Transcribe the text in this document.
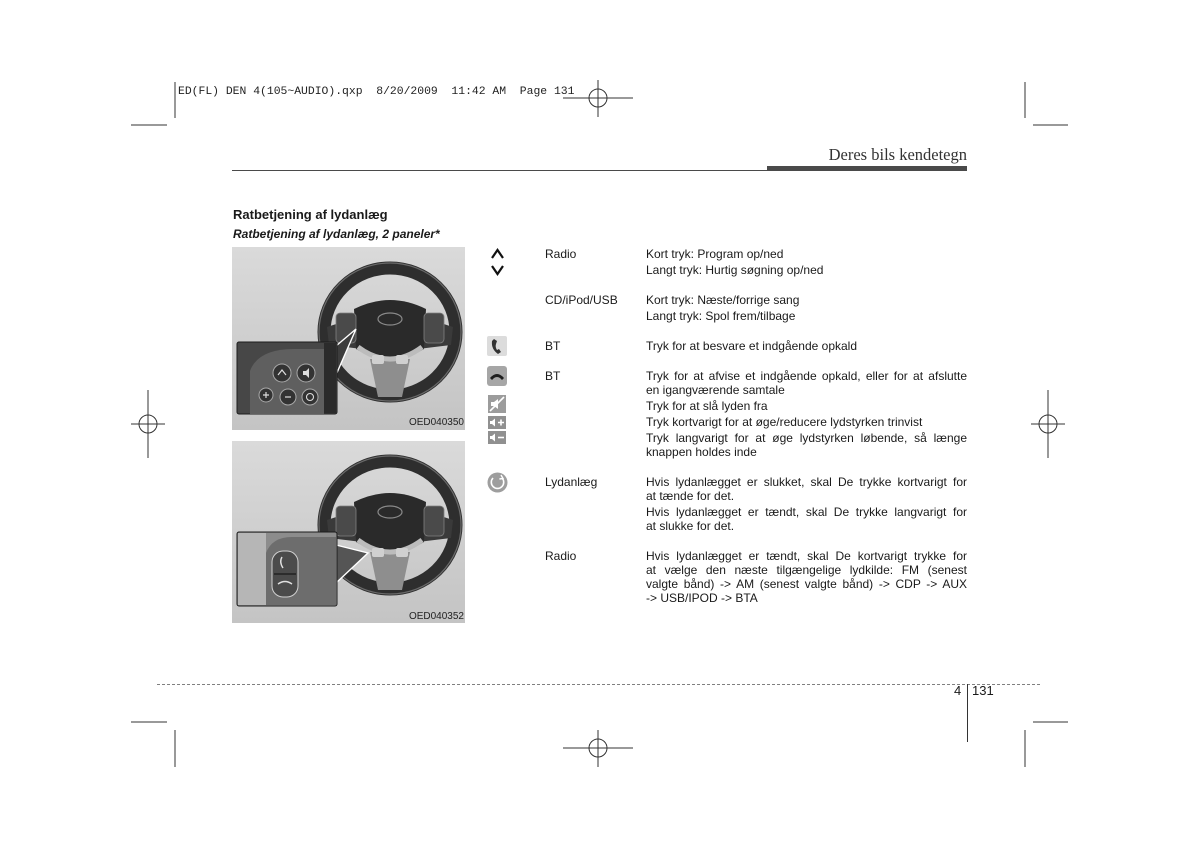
ED(FL) DEN 4(105~AUDIO).qxp  8/20/2009  11:42 AM  Page 131
Deres bils kendetegn
Ratbetjening af lydanlæg
Ratbetjening af lydanlæg, 2 paneler*
OED040350
OED040352
Radio
CD/iPod/USB
BT
BT
Lydanlæg
Radio
Kort tryk: Program op/ned
Langt tryk: Hurtig søgning op/ned
Kort tryk: Næste/forrige sang
Langt tryk: Spol frem/tilbage
Tryk for at besvare et indgående opkald
Tryk for at afvise et indgående opkald, eller for at afslutte
en igangværende samtale
Tryk for at slå lyden fra
Tryk kortvarigt for at øge/reducere lydstyrken trinvist
Tryk langvarigt for at øge lydstyrken løbende, så længe
knappen holdes inde
Hvis lydanlægget er slukket, skal De trykke kortvarigt for
at tænde for det.
Hvis lydanlægget er tændt, skal De trykke langvarigt for
at slukke for det.
Hvis lydanlægget er tændt, skal De kortvarigt trykke for
at vælge den næste tilgængelige lydkilde: FM (senest
valgte bånd) -> AM (senest valgte bånd) -> CDP -> AUX
-> USB/IPOD -> BTA
4 131
